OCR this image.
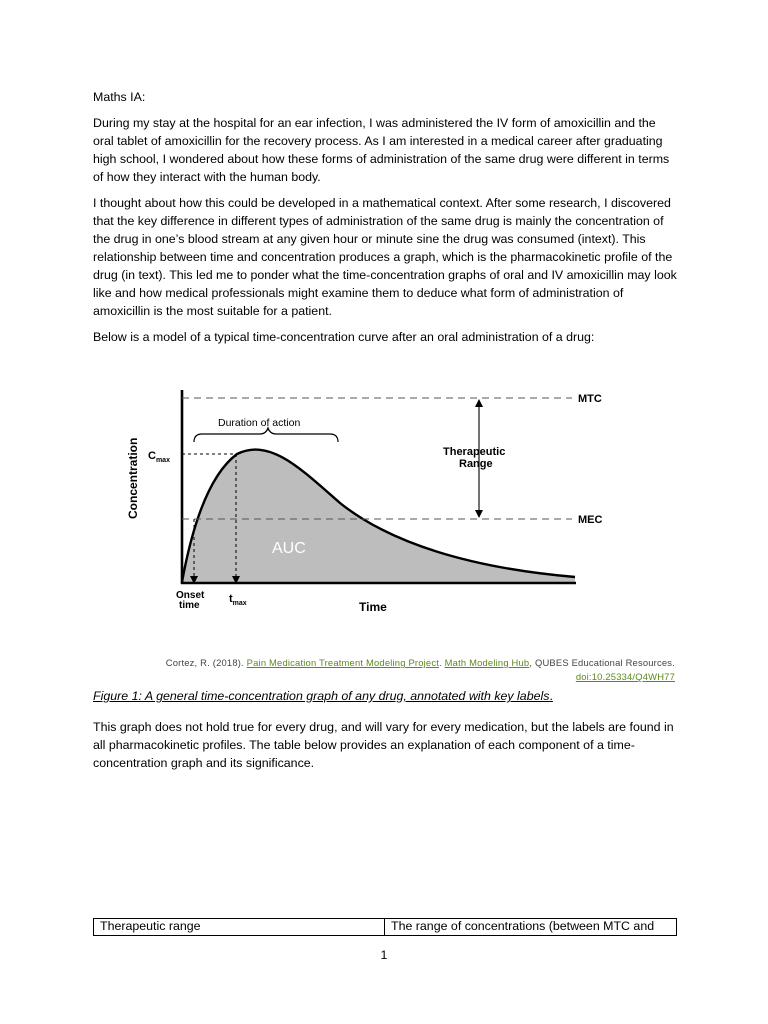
Maths IA:

During my stay at the hospital for an ear infection, I was administered the IV form of amoxicillin and the oral tablet of amoxicillin for the recovery process. As I am interested in a medical career after graduating high school, I wondered about how these forms of administration of the same drug were different in terms of how they interact with the human body.

I thought about how this could be developed in a mathematical context. After some research, I discovered that the key difference in different types of administration of the same drug is mainly the concentration of the drug in one’s blood stream at any given hour or minute sine the drug was consumed (intext). This relationship between time and concentration produces a graph, which is the pharmacokinetic profile of the drug (in text). This led me to ponder what the time-concentration graphs of oral and IV amoxicillin may look like and how medical professionals might examine them to deduce what form of administration of amoxicillin is the most suitable for a patient.

Below is a model of a typical time-concentration curve after an oral administration of a drug:

MTC
MEC
$C_{max}$
Duration of action
Therapeutic
Range
AUC
Concentration
Time
Onset
time
$t_{max}$
Cortez, R. (2018). Pain Medication Treatment Modeling Project. Math Modeling Hub, QUBES Educational Resources. doi:10.25334/Q4WH77
Figure 1: A general time-concentration graph of any drug, annotated with key labels.

This graph does not hold true for every drug, and will vary for every medication, but the labels are found in all pharmacokinetic profiles. The table below provides an explanation of each component of a time-concentration graph and its significance.

Therapeutic range	The range of concentrations (between MTC and
1
